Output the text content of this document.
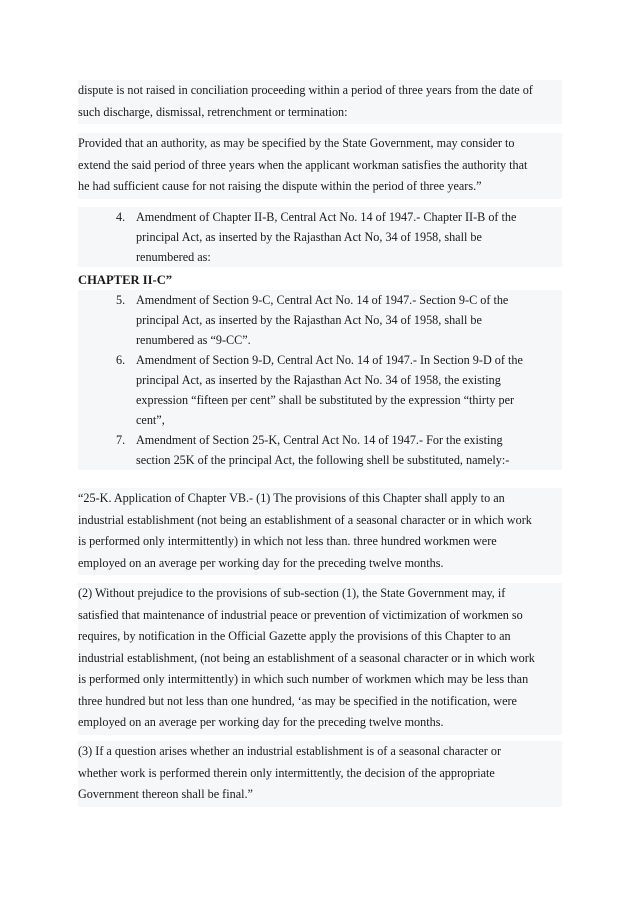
dispute is not raised in conciliation proceeding within a period of three years from the date of
such discharge, dismissal, retrenchment or termination:
Provided that an authority, as may be specified by the State Government, may consider to
extend the said period of three years when the applicant workman satisfies the authority that
he had sufficient cause for not raising the dispute within the period of three years.”
4. Amendment of Chapter II-B, Central Act No. 14 of 1947.- Chapter II-B of the
principal Act, as inserted by the Rajasthan Act No, 34 of 1958, shall be
renumbered as:
CHAPTER II-C”
5. Amendment of Section 9-C, Central Act No. 14 of 1947.- Section 9-C of the
principal Act, as inserted by the Rajasthan Act No, 34 of 1958, shall be
renumbered as “9-CC”.
6. Amendment of Section 9-D, Central Act No. 14 of 1947.- In Section 9-D of the
principal Act, as inserted by the Rajasthan Act No. 34 of 1958, the existing
expression “fifteen per cent” shall be substituted by the expression “thirty per
cent”,
7. Amendment of Section 25-K, Central Act No. 14 of 1947.- For the existing
section 25K of the principal Act, the following shell be substituted, namely:-
“25-K. Application of Chapter VB.- (1) The provisions of this Chapter shall apply to an
industrial establishment (not being an establishment of a seasonal character or in which work
is performed only intermittently) in which not less than. three hundred workmen were
employed on an average per working day for the preceding twelve months.
(2) Without prejudice to the provisions of sub-section (1), the State Government may, if
satisfied that maintenance of industrial peace or prevention of victimization of workmen so
requires, by notification in the Official Gazette apply the provisions of this Chapter to an
industrial establishment, (not being an establishment of a seasonal character or in which work
is performed only intermittently) in which such number of workmen which may be less than
three hundred but not less than one hundred, ‘as may be specified in the notification, were
employed on an average per working day for the preceding twelve months.
(3) If a question arises whether an industrial establishment is of a seasonal character or
whether work is performed therein only intermittently, the decision of the appropriate
Government thereon shall be final.”
